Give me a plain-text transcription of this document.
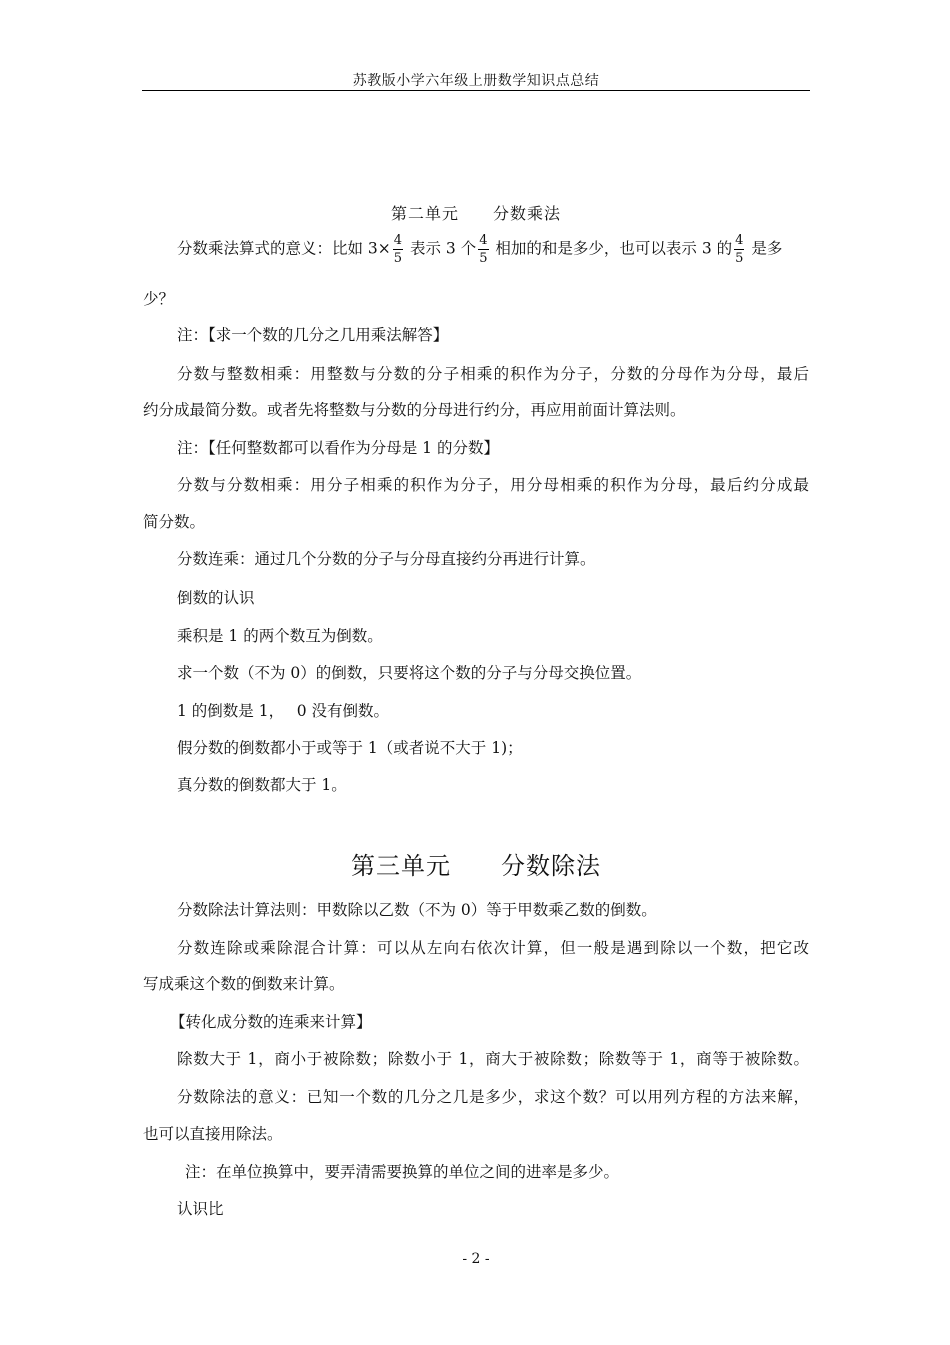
苏教版小学六年级上册数学知识点总结
第二单元　　分数乘法
分数乘法算式的意义：比如 $3\times \frac{4}{5}$ 表示 3 个 $\frac{4}{5}$ 相加的和是多少，也可以表示 3 的 $\frac{4}{5}$ 是多
少？
注：【求一个数的几分之几用乘法解答】
分数与整数相乘：用整数与分数的分子相乘的积作为分子，分数的分母作为分母，最后
约分成最简分数。或者先将整数与分数的分母进行约分，再应用前面计算法则。
注：【任何整数都可以看作为分母是 1 的分数】
分数与分数相乘：用分子相乘的积作为分子，用分母相乘的积作为分母，最后约分成最
简分数。
分数连乘：通过几个分数的分子与分母直接约分再进行计算。
倒数的认识
乘积是 1 的两个数互为倒数。
求一个数（不为 0）的倒数，只要将这个数的分子与分母交换位置。
1 的倒数是 1，　 0 没有倒数。
假分数的倒数都小于或等于 1（或者说不大于 1)；
真分数的倒数都大于 1。
第三单元　　分数除法
分数除法计算法则：甲数除以乙数（不为 0）等于甲数乘乙数的倒数。
分数连除或乘除混合计算：可以从左向右依次计算，但一般是遇到除以一个数，把它改
写成乘这个数的倒数来计算。
【转化成分数的连乘来计算】
除数大于 1，商小于被除数；除数小于 1，商大于被除数；除数等于 1，商等于被除数。
分数除法的意义：已知一个数的几分之几是多少，求这个数？可以用列方程的方法来解，
也可以直接用除法。
注：在单位换算中，要弄清需要换算的单位之间的进率是多少。
认识比
- 2 -
